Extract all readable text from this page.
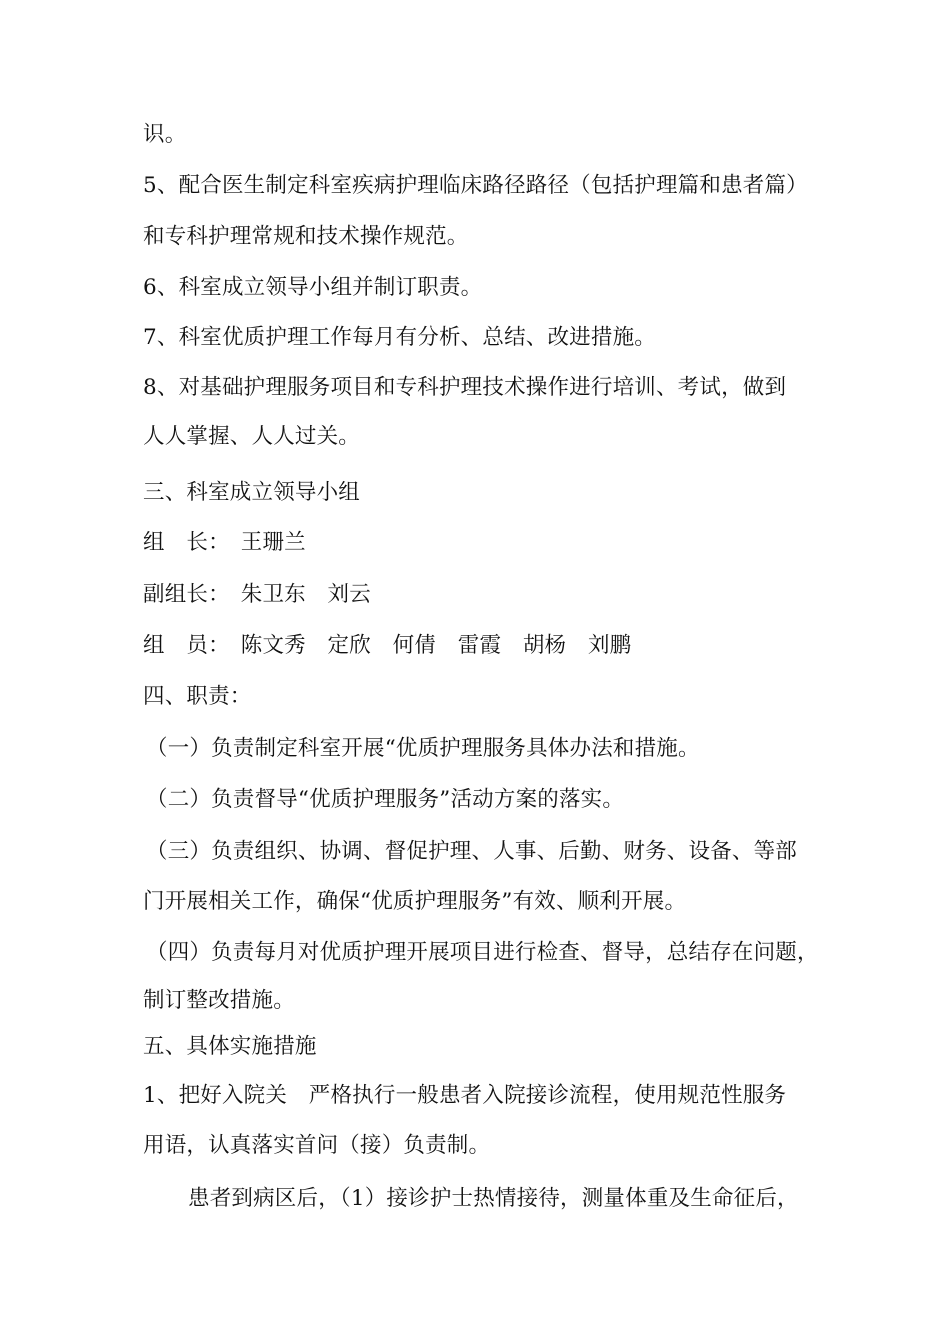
识。
5、配合医生制定科室疾病护理临床路径路径（包括护理篇和患者篇）
和专科护理常规和技术操作规范。
6、科室成立领导小组并制订职责。
7、科室优质护理工作每月有分析、总结、改进措施。
8、对基础护理服务项目和专科护理技术操作进行培训、考试，做到
人人掌握、人人过关。
三、科室成立领导小组
组　长：　王珊兰
副组长：　朱卫东　刘云
组　员：　陈文秀　定欣　何倩　雷霞　胡杨　刘鹏
四、职责：
（一）负责制定科室开展“优质护理服务具体办法和措施。
（二）负责督导“优质护理服务”活动方案的落实。
（三）负责组织、协调、督促护理、人事、后勤、财务、设备、等部
门开展相关工作，确保“优质护理服务”有效、顺利开展。
（四）负责每月对优质护理开展项目进行检查、督导，总结存在问题，
制订整改措施。
五、具体实施措施
1、把好入院关　严格执行一般患者入院接诊流程，使用规范性服务
用语，认真落实首问（接）负责制。
患者到病区后，（1）接诊护士热情接待，测量体重及生命征后，
